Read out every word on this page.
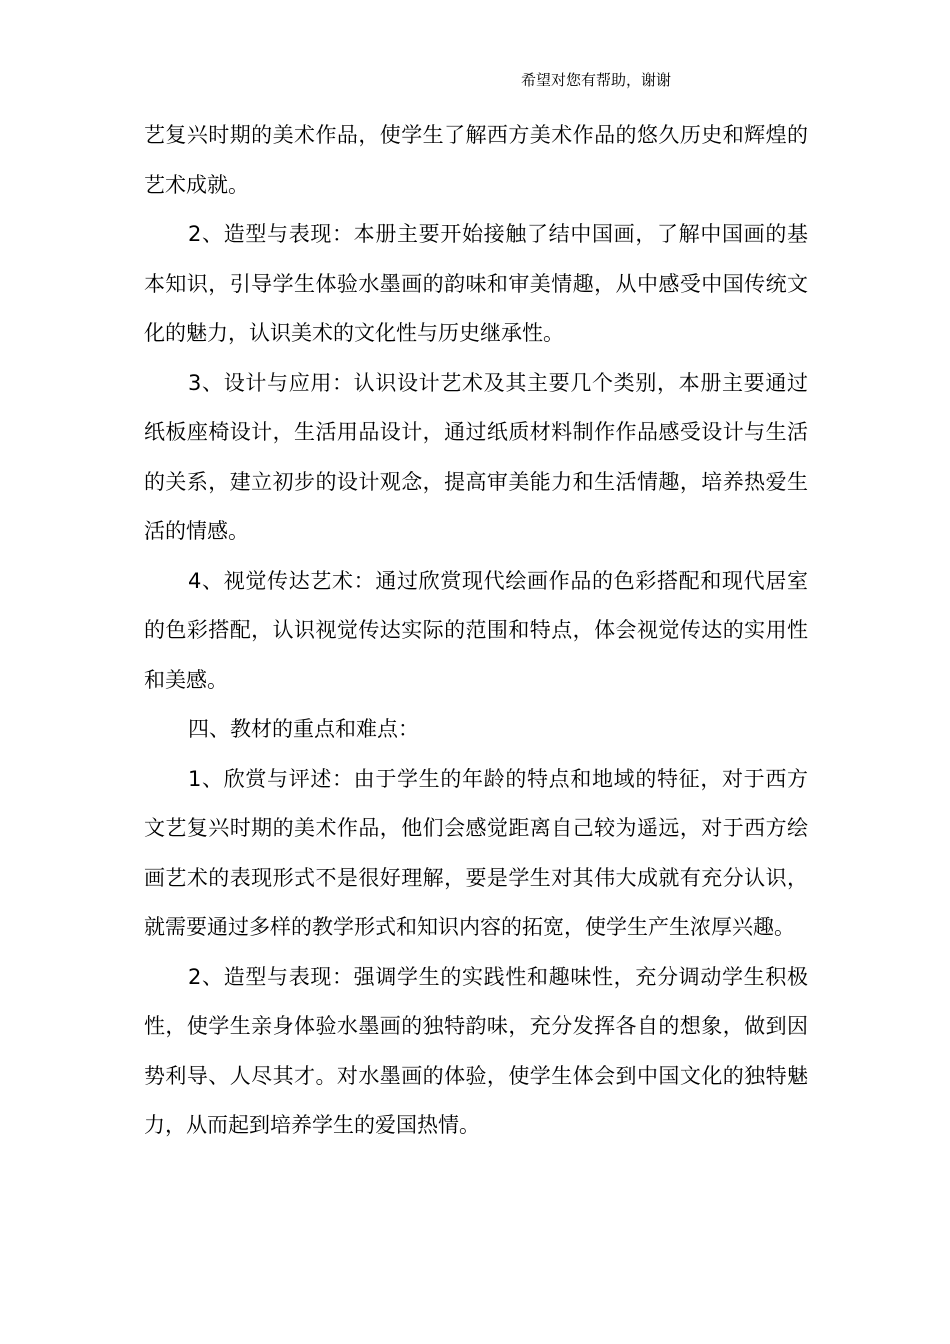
希望对您有帮助，谢谢

艺复兴时期的美术作品，使学生了解西方美术作品的悠久历史和辉煌的艺术成就。

2、造型与表现：本册主要开始接触了结中国画，了解中国画的基本知识，引导学生体验水墨画的韵味和审美情趣，从中感受中国传统文化的魅力，认识美术的文化性与历史继承性。

3、设计与应用：认识设计艺术及其主要几个类别，本册主要通过纸板座椅设计，生活用品设计，通过纸质材料制作作品感受设计与生活的关系，建立初步的设计观念，提高审美能力和生活情趣，培养热爱生活的情感。

4、视觉传达艺术：通过欣赏现代绘画作品的色彩搭配和现代居室的色彩搭配，认识视觉传达实际的范围和特点，体会视觉传达的实用性和美感。

四、教材的重点和难点：

1、欣赏与评述：由于学生的年龄的特点和地域的特征，对于西方文艺复兴时期的美术作品，他们会感觉距离自己较为遥远，对于西方绘画艺术的表现形式不是很好理解，要是学生对其伟大成就有充分认识，就需要通过多样的教学形式和知识内容的拓宽，使学生产生浓厚兴趣。

2、造型与表现：强调学生的实践性和趣味性，充分调动学生积极性，使学生亲身体验水墨画的独特韵味，充分发挥各自的想象，做到因势利导、人尽其才。对水墨画的体验，使学生体会到中国文化的独特魅力，从而起到培养学生的爱国热情。
